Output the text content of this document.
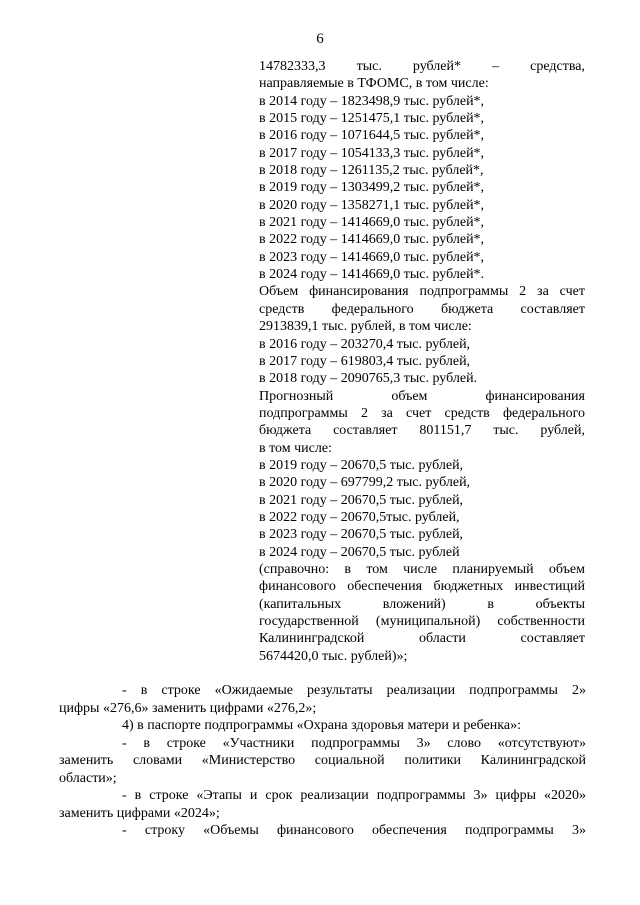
6
14782333,3 тыс. рублей* – средства,
направляемые в ТФОМС, в том числе:
в 2014 году – 1823498,9 тыс. рублей*,
в 2015 году – 1251475,1 тыс. рублей*,
в 2016 году – 1071644,5 тыс. рублей*,
в 2017 году – 1054133,3 тыс. рублей*,
в 2018 году – 1261135,2 тыс. рублей*,
в 2019 году – 1303499,2 тыс. рублей*,
в 2020 году – 1358271,1 тыс. рублей*,
в 2021 году – 1414669,0 тыс. рублей*,
в 2022 году – 1414669,0 тыс. рублей*,
в 2023 году – 1414669,0 тыс. рублей*,
в 2024 году – 1414669,0 тыс. рублей*.
Объем финансирования подпрограммы 2 за счет
средств федерального бюджета составляет
2913839,1 тыс. рублей, в том числе:
в 2016 году – 203270,4 тыс. рублей,
в 2017 году – 619803,4 тыс. рублей,
в 2018 году – 2090765,3 тыс. рублей.
Прогнозный объем финансирования
подпрограммы 2 за счет средств федерального
бюджета составляет 801151,7 тыс. рублей,
в том числе:
в 2019 году – 20670,5 тыс. рублей,
в 2020 году – 697799,2 тыс. рублей,
в 2021 году – 20670,5 тыс. рублей,
в 2022 году – 20670,5тыс. рублей,
в 2023 году – 20670,5 тыс. рублей,
в 2024 году – 20670,5 тыс. рублей
(справочно: в том числе планируемый объем
финансового обеспечения бюджетных инвестиций
(капитальных вложений) в объекты
государственной (муниципальной) собственности
Калининградской области составляет
5674420,0 тыс. рублей)»;
- в строке «Ожидаемые результаты реализации подпрограммы 2»
цифры «276,6» заменить цифрами «276,2»;
4) в паспорте подпрограммы «Охрана здоровья матери и ребенка»:
- в строке «Участники подпрограммы 3» слово «отсутствуют»
заменить словами «Министерство социальной политики Калининградской
области»;
- в строке «Этапы и срок реализации подпрограммы 3» цифры «2020»
заменить цифрами «2024»;
- строку «Объемы финансового обеспечения подпрограммы 3»
